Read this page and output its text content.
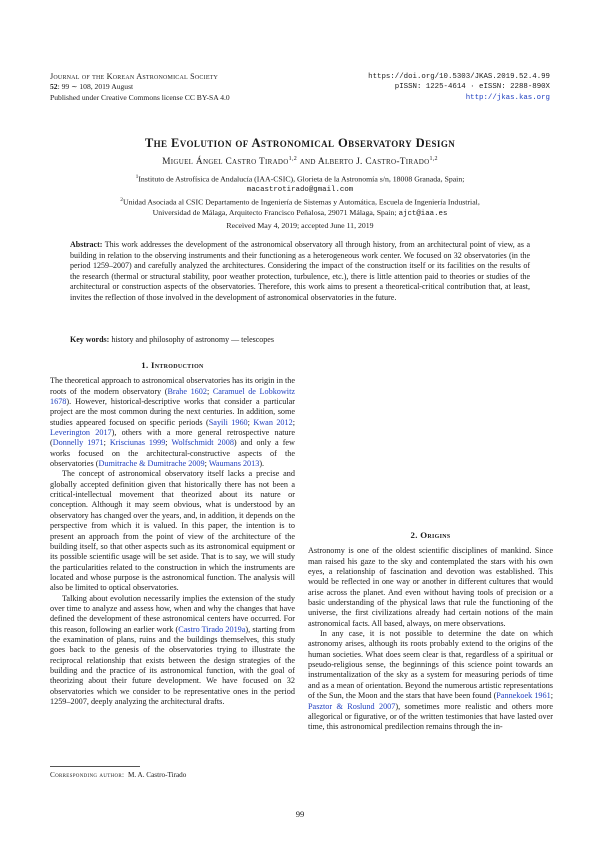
Journal of the Korean Astronomical Society
52: 99 ∼ 108, 2019 August
Published under Creative Commons license CC BY-SA 4.0
https://doi.org/10.5303/JKAS.2019.52.4.99
pISSN: 1225-4614 · eISSN: 2288-890X
http://jkas.kas.org
The Evolution of Astronomical Observatory Design
Miguel Ángel Castro Tirado$^{1,2}$ and Alberto J. Castro-Tirado$^{1,2}$
$^1$Instituto de Astrofísica de Andalucía (IAA-CSIC), Glorieta de la Astronomía s/n, 18008 Granada, Spain;
macastrotirado@gmail.com
$^2$Unidad Asociada al CSIC Departamento de Ingeniería de Sistemas y Automática, Escuela de Ingeniería Industrial,
Universidad de Málaga, Arquitecto Francisco Peñalosa, 29071 Málaga, Spain; ajct@iaa.es
Received May 4, 2019; accepted June 11, 2019
Abstract: This work addresses the development of the astronomical observatory all through history, from an architectural point of view, as a building in relation to the observing instruments and their functioning as a heterogeneous work center. We focused on 32 observatories (in the period 1259–2007) and carefully analyzed the architectures. Considering the impact of the construction itself or its facilities on the results of the research (thermal or structural stability, poor weather protection, turbulence, etc.), there is little attention paid to theories or studies of the architectural or construction aspects of the observatories. Therefore, this work aims to present a theoretical-critical contribution that, at least, invites the reflection of those involved in the development of astronomical observatories in the future.
Key words: history and philosophy of astronomy — telescopes
1. Introduction

The theoretical approach to astronomical observatories has its origin in the roots of the modern observatory (Brahe 1602; Caramuel de Lobkowitz 1678). However, historical-descriptive works that consider a particular project are the most common during the next centuries. In addition, some studies appeared focused on specific periods (Sayili 1960; Kwan 2012; Leverington 2017), others with a more general retrospective nature (Donnelly 1971; Krisciunas 1999; Wolfschmidt 2008) and only a few works focused on the architectural-constructive aspects of the observatories (Dumitrache & Dumitrache 2009; Waumans 2013).

The concept of astronomical observatory itself lacks a precise and globally accepted definition given that historically there has not been a critical-intellectual movement that theorized about its nature or conception. Although it may seem obvious, what is understood by an observatory has changed over the years, and, in addition, it depends on the perspective from which it is valued. In this paper, the intention is to present an approach from the point of view of the architecture of the building itself, so that other aspects such as its astronomical equipment or its possible scientific usage will be set aside. That is to say, we will study the particularities related to the construction in which the instruments are located and whose purpose is the astronomical function. The analysis will also be limited to optical observatories.

Talking about evolution necessarily implies the extension of the study over time to analyze and assess how, when and why the changes that have defined the development of these astronomical centers have occurred. For this reason, following an earlier work (Castro Tirado 2019a), starting from the examination of plans, ruins and the buildings themselves, this study goes back to the genesis of the observatories trying to illustrate the reciprocal relationship that exists between the design strategies of the building and the practice of its astronomical function, with the goal of theorizing about their future development. We have focused on 32 observatories which we consider to be representative ones in the period 1259–2007, deeply analyzing the architectural drafts.

2. Origins

Astronomy is one of the oldest scientific disciplines of mankind. Since man raised his gaze to the sky and contemplated the stars with his own eyes, a relationship of fascination and devotion was established. This would be reflected in one way or another in different cultures that would arise across the planet. And even without having tools of precision or a basic understanding of the physical laws that rule the functioning of the universe, the first civilizations already had certain notions of the main astronomical facts. All based, always, on mere observations.

In any case, it is not possible to determine the date on which astronomy arises, although its roots probably extend to the origins of the human societies. What does seem clear is that, regardless of a spiritual or pseudo-religious sense, the beginnings of this science point towards an instrumentalization of the sky as a system for measuring periods of time and as a mean of orientation. Beyond the numerous artistic representations of the Sun, the Moon and the stars that have been found (Pannekoek 1961; Pasztor & Roslund 2007), sometimes more realistic and others more allegorical or figurative, or of the written testimonies that have lasted over time, this astronomical predilection remains through the in-

Corresponding author: M. A. Castro-Tirado
99
